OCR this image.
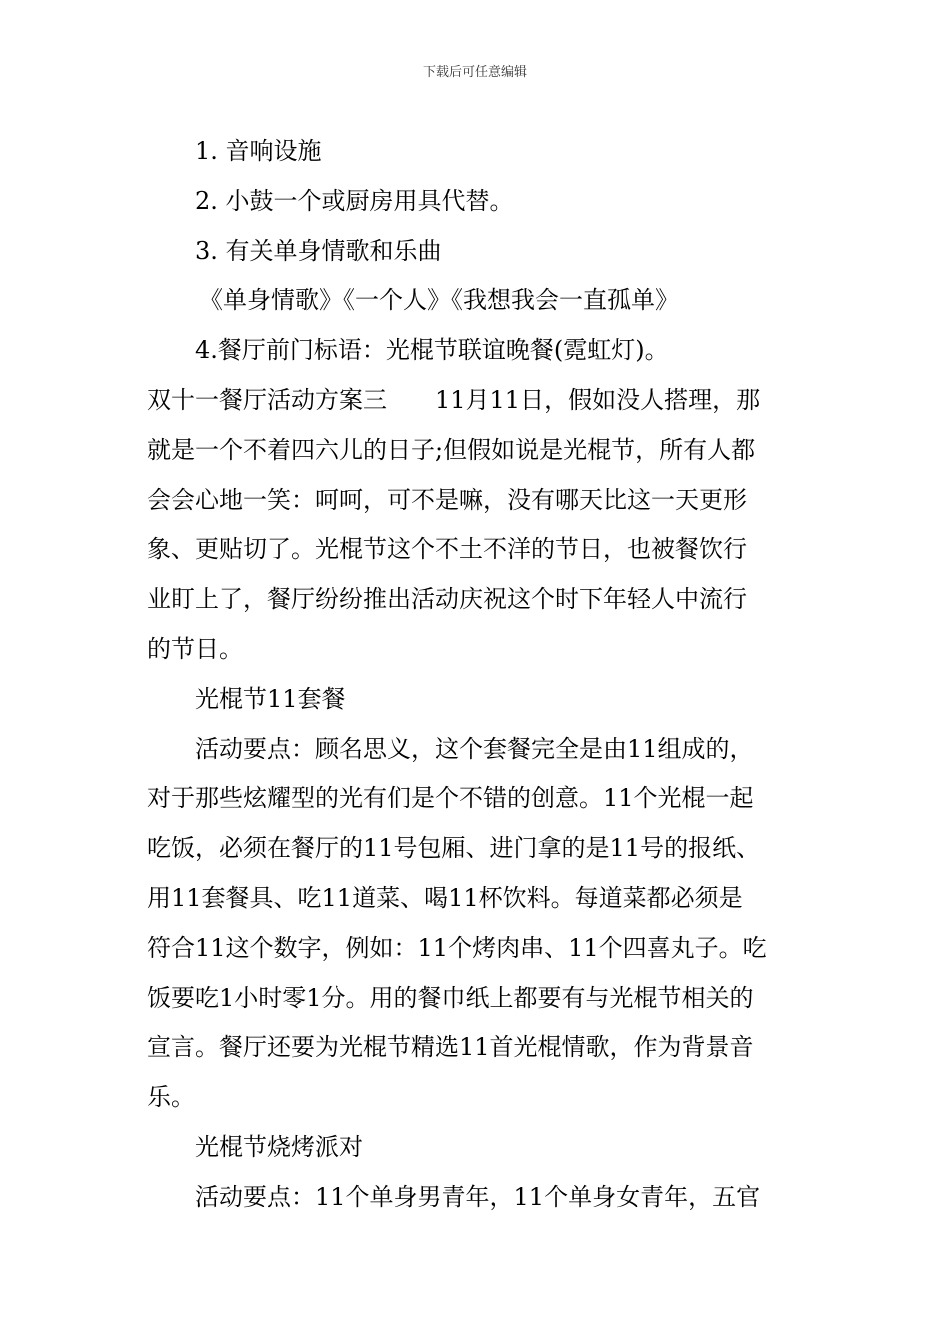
下载后可任意编辑

1. 音响设施

2. 小鼓一个或厨房用具代替。

3. 有关单身情歌和乐曲

《单身情歌》《一个人》《我想我会一直孤单》

4.餐厅前门标语：光棍节联谊晚餐(霓虹灯)。

双十一餐厅活动方案三　　11月11日，假如没人搭理，那

就是一个不着四六儿的日子;但假如说是光棍节，所有人都

会会心地一笑：呵呵，可不是嘛，没有哪天比这一天更形

象、更贴切了。光棍节这个不土不洋的节日，也被餐饮行

业盯上了，餐厅纷纷推出活动庆祝这个时下年轻人中流行

的节日。

光棍节11套餐

活动要点：顾名思义，这个套餐完全是由11组成的，

对于那些炫耀型的光有们是个不错的创意。11个光棍一起

吃饭，必须在餐厅的11号包厢、进门拿的是11号的报纸、

用11套餐具、吃11道菜、喝11杯饮料。每道菜都必须是

符合11这个数字，例如：11个烤肉串、11个四喜丸子。吃

饭要吃1小时零1分。用的餐巾纸上都要有与光棍节相关的

宣言。餐厅还要为光棍节精选11首光棍情歌，作为背景音

乐。

光棍节烧烤派对

活动要点：11个单身男青年，11个单身女青年，五官
